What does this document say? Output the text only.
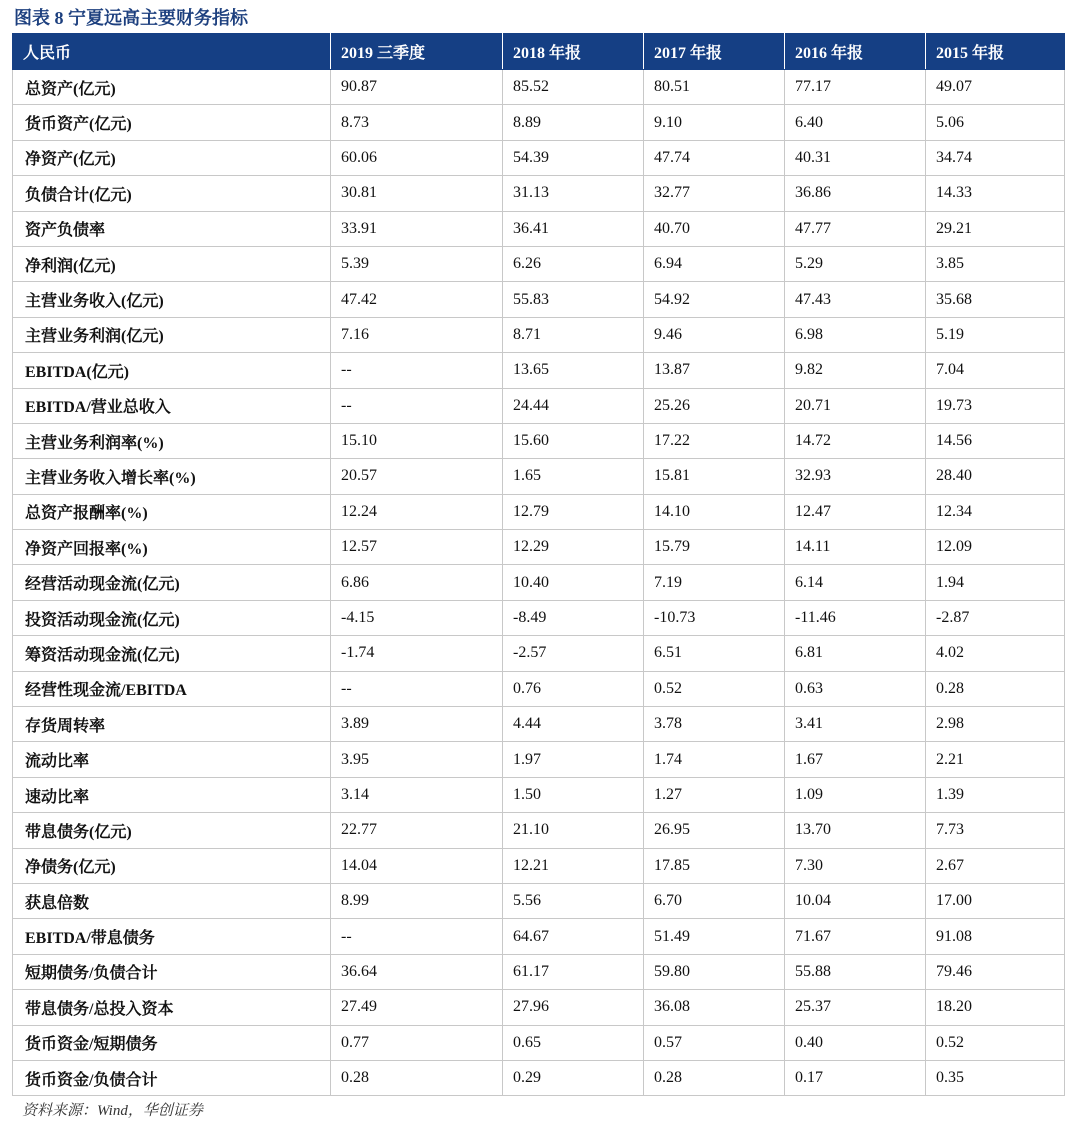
图表 8 宁夏远高主要财务指标
人民币	2019 三季度	2018 年报	2017 年报	2016 年报	2015 年报
总资产(亿元)	90.87	85.52	80.51	77.17	49.07
货币资产(亿元)	8.73	8.89	9.10	6.40	5.06
净资产(亿元)	60.06	54.39	47.74	40.31	34.74
负债合计(亿元)	30.81	31.13	32.77	36.86	14.33
资产负债率	33.91	36.41	40.70	47.77	29.21
净利润(亿元)	5.39	6.26	6.94	5.29	3.85
主营业务收入(亿元)	47.42	55.83	54.92	47.43	35.68
主营业务利润(亿元)	7.16	8.71	9.46	6.98	5.19
EBITDA(亿元)	--	13.65	13.87	9.82	7.04
EBITDA/营业总收入	--	24.44	25.26	20.71	19.73
主营业务利润率(%)	15.10	15.60	17.22	14.72	14.56
主营业务收入增长率(%)	20.57	1.65	15.81	32.93	28.40
总资产报酬率(%)	12.24	12.79	14.10	12.47	12.34
净资产回报率(%)	12.57	12.29	15.79	14.11	12.09
经营活动现金流(亿元)	6.86	10.40	7.19	6.14	1.94
投资活动现金流(亿元)	-4.15	-8.49	-10.73	-11.46	-2.87
筹资活动现金流(亿元)	-1.74	-2.57	6.51	6.81	4.02
经营性现金流/EBITDA	--	0.76	0.52	0.63	0.28
存货周转率	3.89	4.44	3.78	3.41	2.98
流动比率	3.95	1.97	1.74	1.67	2.21
速动比率	3.14	1.50	1.27	1.09	1.39
带息债务(亿元)	22.77	21.10	26.95	13.70	7.73
净债务(亿元)	14.04	12.21	17.85	7.30	2.67
获息倍数	8.99	5.56	6.70	10.04	17.00
EBITDA/带息债务	--	64.67	51.49	71.67	91.08
短期债务/负债合计	36.64	61.17	59.80	55.88	79.46
带息债务/总投入资本	27.49	27.96	36.08	25.37	18.20
货币资金/短期债务	0.77	0.65	0.57	0.40	0.52
货币资金/负债合计	0.28	0.29	0.28	0.17	0.35
资料来源：Wind，华创证券
